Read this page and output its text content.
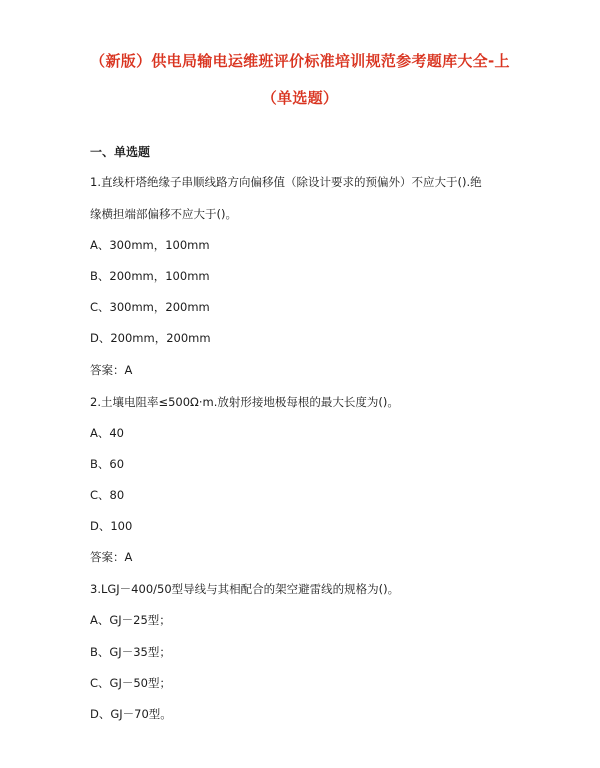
（新版）供电局输电运维班评价标准培训规范参考题库大全-上
（单选题）
一、单选题
1.直线杆塔绝缘子串顺线路方向偏移值（除设计要求的预偏外）不应大于().绝
缘横担端部偏移不应大于()。
A、300mm，100mm
B、200mm，100mm
C、300mm，200mm
D、200mm，200mm
答案：A
2.土壤电阻率≤500Ω·m.放射形接地极每根的最大长度为()。
A、40
B、60
C、80
D、100
答案：A
3.LGJ－400/50型导线与其相配合的架空避雷线的规格为()。
A、GJ－25型；
B、GJ－35型；
C、GJ－50型；
D、GJ－70型。
